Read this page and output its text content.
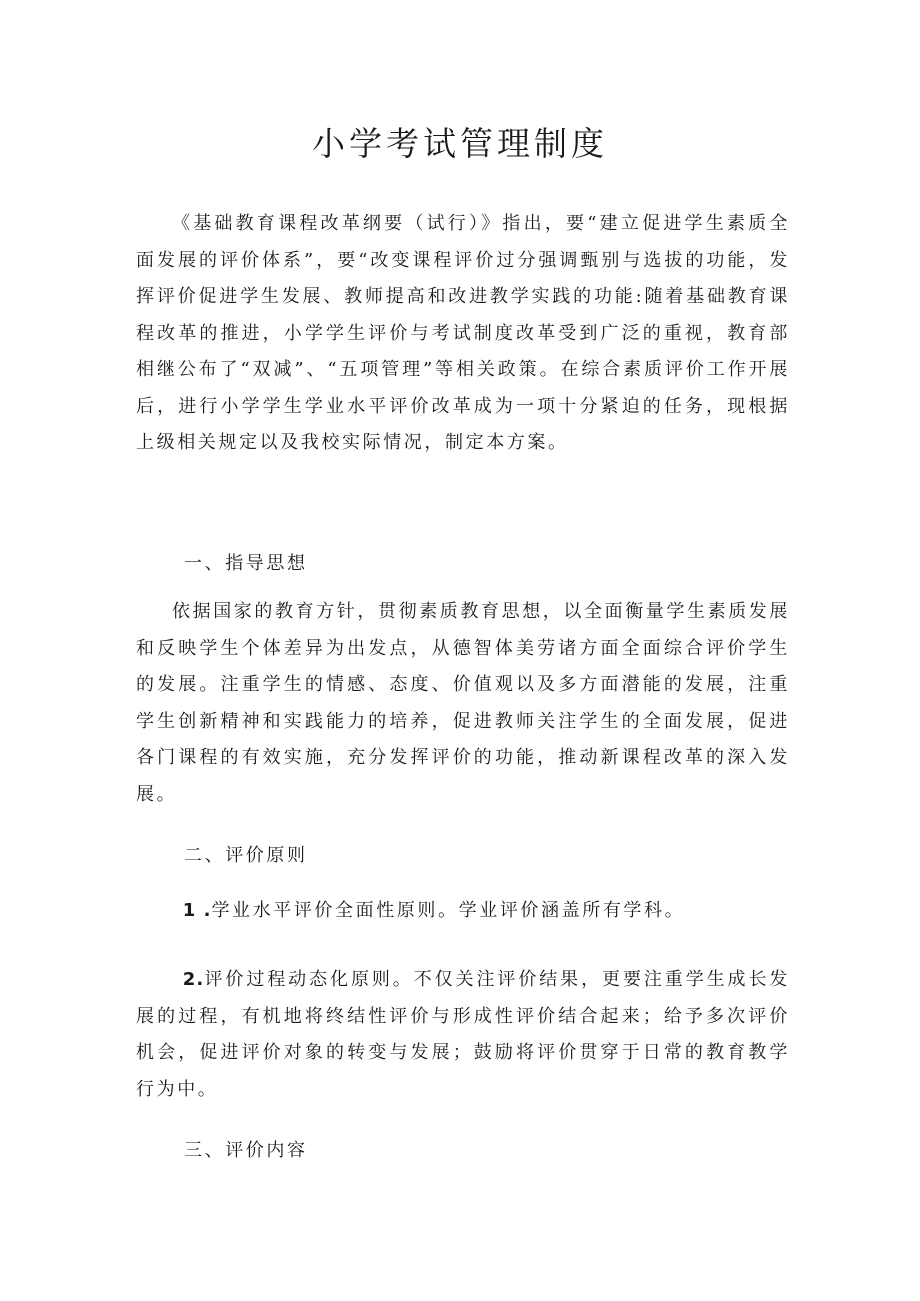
小学考试管理制度

《基础教育课程改革纲要（试行）》指出，要“建立促进学生素质全面发展的评价体系”，要“改变课程评价过分强调甄别与选拔的功能，发挥评价促进学生发展、教师提高和改进教学实践的功能:随着基础教育课程改革的推进，小学学生评价与考试制度改革受到广泛的重视，教育部相继公布了“双减”、“五项管理”等相关政策。在综合素质评价工作开展后，进行小学学生学业水平评价改革成为一项十分紧迫的任务，现根据上级相关规定以及我校实际情况，制定本方案。

一、指导思想

依据国家的教育方针，贯彻素质教育思想，以全面衡量学生素质发展和反映学生个体差异为出发点，从德智体美劳诸方面全面综合评价学生的发展。注重学生的情感、态度、价值观以及多方面潜能的发展，注重学生创新精神和实践能力的培养，促进教师关注学生的全面发展，促进各门课程的有效实施，充分发挥评价的功能，推动新课程改革的深入发展。

二、评价原则

1 .学业水平评价全面性原则。学业评价涵盖所有学科。

2.评价过程动态化原则。不仅关注评价结果，更要注重学生成长发展的过程，有机地将终结性评价与形成性评价结合起来；给予多次评价机会，促进评价对象的转变与发展；鼓励将评价贯穿于日常的教育教学行为中。

三、评价内容
